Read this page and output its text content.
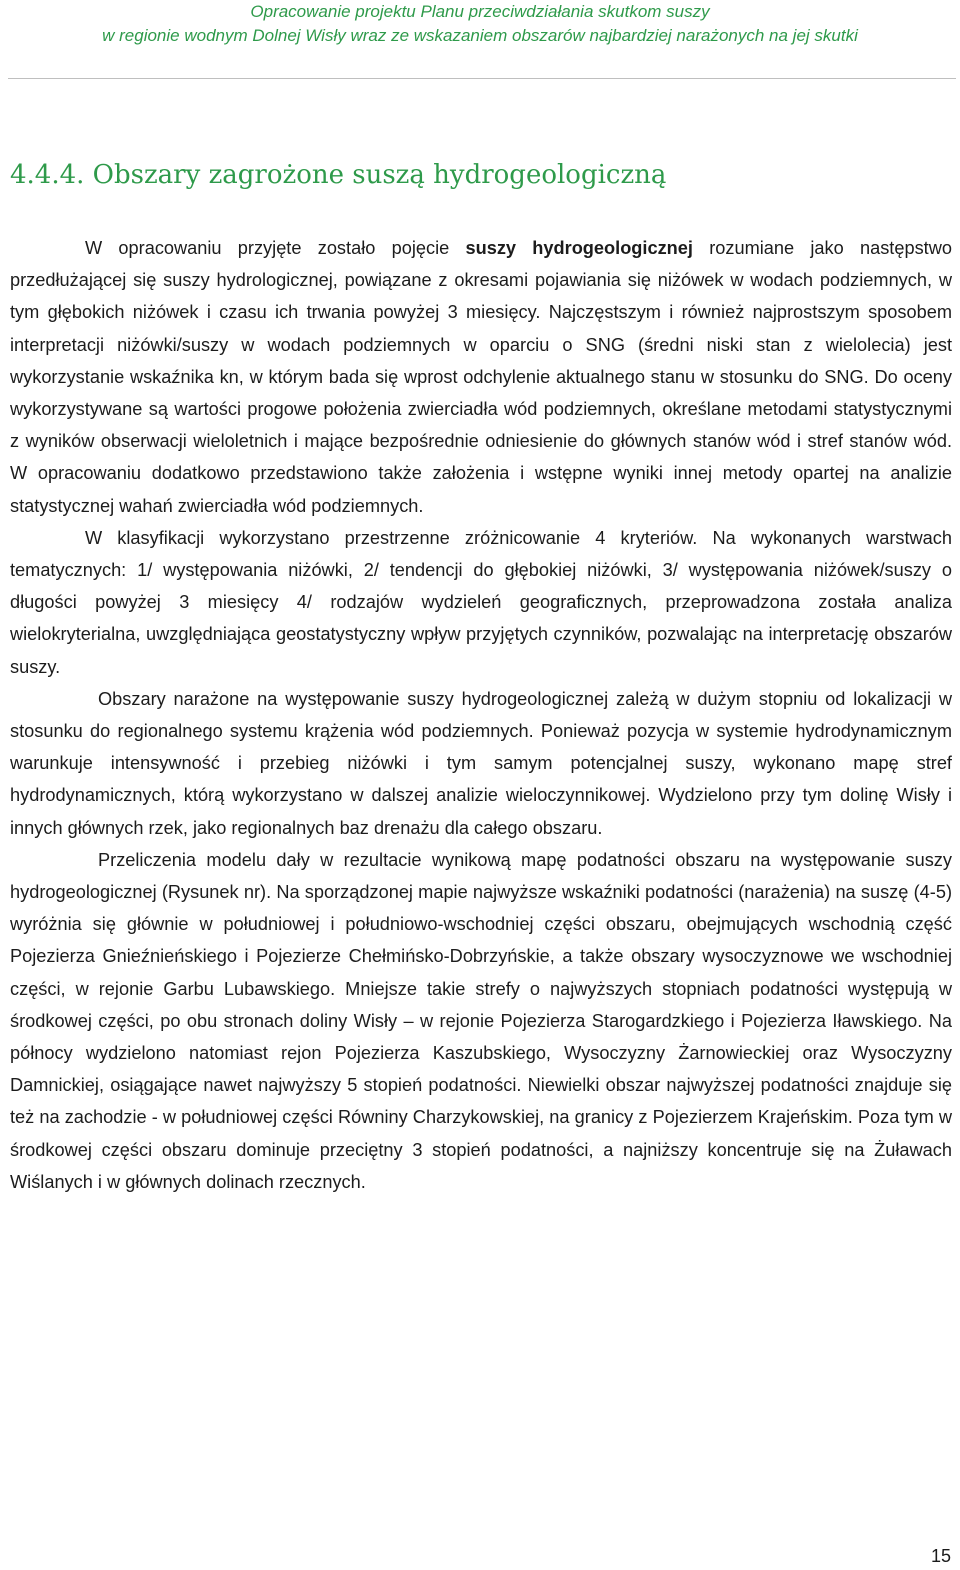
Opracowanie projektu Planu przeciwdziałania skutkom suszy
w regionie wodnym Dolnej Wisły wraz ze wskazaniem obszarów najbardziej narażonych na jej skutki
4.4.4. Obszary zagrożone suszą hydrogeologiczną

W opracowaniu przyjęte zostało pojęcie suszy hydrogeologicznej rozumiane jako następstwo przedłużającej się suszy hydrologicznej, powiązane z okresami pojawiania się niżówek w wodach podziemnych, w tym głębokich niżówek i czasu ich trwania powyżej 3 miesięcy. Najczęstszym i również najprostszym sposobem interpretacji niżówki/suszy w wodach podziemnych w oparciu o SNG (średni niski stan z wielolecia) jest wykorzystanie wskaźnika kn, w którym bada się wprost odchylenie aktualnego stanu w stosunku do SNG. Do oceny wykorzystywane są wartości progowe położenia zwierciadła wód podziemnych, określane metodami statystycznymi z wyników obserwacji wieloletnich i mające bezpośrednie odniesienie do głównych stanów wód i stref stanów wód. W opracowaniu dodatkowo przedstawiono także założenia i wstępne wyniki innej metody opartej na analizie statystycznej wahań zwierciadła wód podziemnych.

W klasyfikacji wykorzystano przestrzenne zróżnicowanie 4 kryteriów. Na wykonanych warstwach tematycznych: 1/ występowania niżówki, 2/ tendencji do głębokiej niżówki, 3/ występowania niżówek/suszy o długości powyżej 3 miesięcy 4/ rodzajów wydzieleń geograficznych, przeprowadzona została analiza wielokryterialna, uwzględniająca geostatystyczny wpływ przyjętych czynników, pozwalając na interpretację obszarów suszy.

Obszary narażone na występowanie suszy hydrogeologicznej zależą w dużym stopniu od lokalizacji w stosunku do regionalnego systemu krążenia wód podziemnych. Ponieważ pozycja w systemie hydrodynamicznym warunkuje intensywność i przebieg niżówki i tym samym potencjalnej suszy, wykonano mapę stref hydrodynamicznych, którą wykorzystano w dalszej analizie wieloczynnikowej. Wydzielono przy tym dolinę Wisły i innych głównych rzek, jako regionalnych baz drenażu dla całego obszaru.

Przeliczenia modelu dały w rezultacie wynikową mapę podatności obszaru na występowanie suszy hydrogeologicznej (Rysunek nr). Na sporządzonej mapie najwyższe wskaźniki podatności (narażenia) na suszę (4-5) wyróżnia się głównie w południowej i południowo-wschodniej części obszaru, obejmujących wschodnią część Pojezierza Gnieźnieńskiego i Pojezierze Chełmińsko-Dobrzyńskie, a także obszary wysoczyznowe we wschodniej części, w rejonie Garbu Lubawskiego. Mniejsze takie strefy o najwyższych stopniach podatności występują w środkowej części, po obu stronach doliny Wisły – w rejonie Pojezierza Starogardzkiego i Pojezierza Iławskiego. Na północy wydzielono natomiast rejon Pojezierza Kaszubskiego, Wysoczyzny Żarnowieckiej oraz Wysoczyzny Damnickiej, osiągające nawet najwyższy 5 stopień podatności. Niewielki obszar najwyższej podatności znajduje się też na zachodzie - w południowej części Równiny Charzykowskiej, na granicy z Pojezierzem Krajeńskim. Poza tym w środkowej części obszaru dominuje przeciętny 3 stopień podatności, a najniższy koncentruje się na Żuławach Wiślanych i w głównych dolinach rzecznych.

15
